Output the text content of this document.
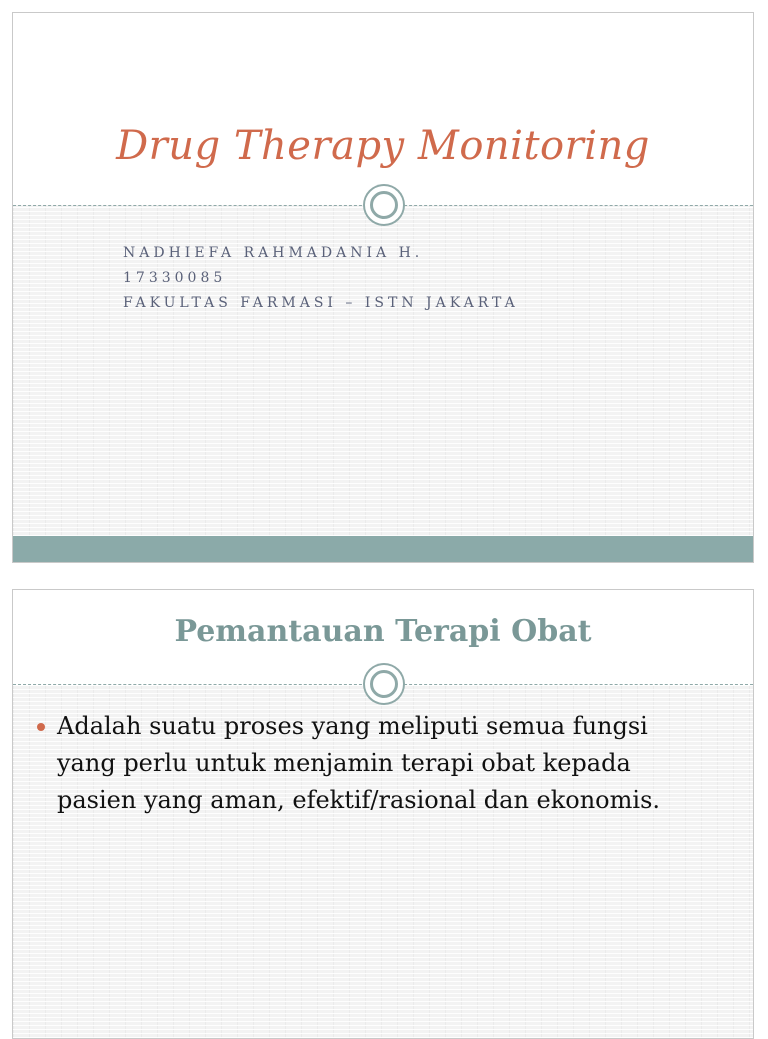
Drug Therapy Monitoring
NADHIEFA RAHMADANIA H.
17330085
FAKULTAS FARMASI – ISTN JAKARTA
Pemantauan Terapi Obat
Adalah suatu proses yang meliputi semua fungsi yang perlu untuk menjamin terapi obat kepada pasien yang aman, efektif/rasional dan ekonomis.
